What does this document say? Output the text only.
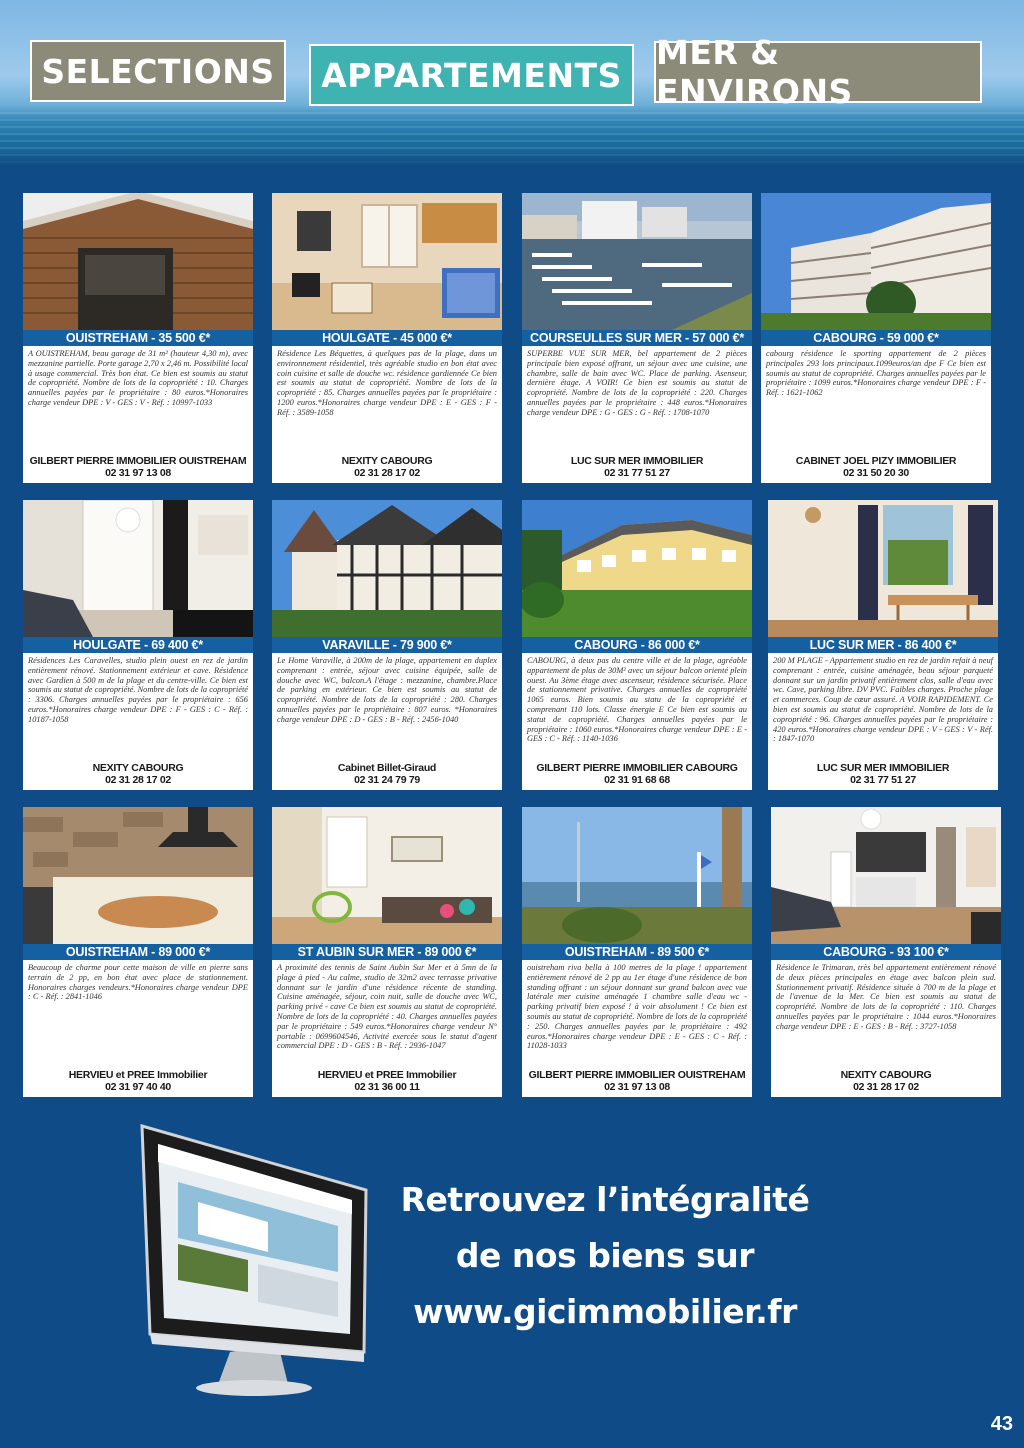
SELECTIONS	APPARTEMENTS
MER & ENVIRONS
OUISTREHAM - 35 500 €*
A OUISTREHAM, beau garage de 31 m² (hauteur 4,30 m), avec mezzanine partielle. Porte garage 2,70 x 2,46 m. Possibilité local à usage commercial. Très bon état. Ce bien est soumis au statut de copropriété. Nombre de lots de la copropriété : 10. Charges annuelles payées par le propriétaire : 80 euros.*Honoraires charge vendeur DPE : V - GES : V - Réf. : 10997-1033
GILBERT PIERRE IMMOBILIER OUISTREHAM
02 31 97 13 08
HOULGATE - 45 000 €*
Résidence Les Béquettes, à quelques pas de la plage, dans un environnement résidentiel, très agréable studio en bon état avec coin cuisine et salle de douche wc. résidence gardiennée Ce bien est soumis au statut de copropriété. Nombre de lots de la copropriété : 85. Charges annuelles payées par le propriétaire : 1200 euros.*Honoraires charge vendeur DPE : E - GES : F - Réf. : 3589-1058
NEXITY CABOURG
02 31 28 17 02
COURSEULLES SUR MER - 57 000 €*
SUPERBE VUE SUR MER, bel appartement de 2 pièces principale bien exposé offrant, un séjour avec une cuisine, une chambre, salle de bain avec WC. Place de parking. Asenseur, dernière étage. A VOIR! Ce bien est soumis au statut de copropriété. Nombre de lots de la copropriété : 220. Charges annuelles payées par le propriétaire : 448 euros.*Honoraires charge vendeur DPE : G - GES : G - Réf. : 1708-1070
LUC SUR MER IMMOBILIER
02 31 77 51 27
CABOURG - 59 000 €*
cabourg résidence le sporting appartement de 2 pièces principales 293 lots principaux.1099euros/an dpe F Ce bien est soumis au statut de copropriété. Charges annuelles payées par le propriétaire : 1099 euros.*Honoraires charge vendeur DPE : F - Réf. : 1621-1062
CABINET JOEL PIZY IMMOBILIER
02 31 50 20 30
HOULGATE - 69 400 €*
Résidences Les Caravelles, studio plein ouest en rez de jardin entièrement rénové. Stationnement extérieur et cave. Résidence avec Gardien à 500 m de la plage et du centre-ville. Ce bien est soumis au statut de copropriété. Nombre de lots de la copropriété : 3306. Charges annuelles payées par le propriétaire : 656 euros.*Honoraires charge vendeur DPE : F - GES : C - Réf. : 10187-1058
NEXITY CABOURG
02 31 28 17 02
VARAVILLE - 79 900 €*
Le Home Varaville, à 200m de la plage, appartement en duplex comprenant : entrée, séjour avec cuisine équipée, salle de douche avec WC, balcon.A l'étage : mezzanine, chambre.Place de parking en extérieur. Ce bien est soumis au statut de copropriété. Nombre de lots de la copropriété : 280. Charges annuelles payées par le propriétaire : 807 euros. *Honoraires charge vendeur DPE : D - GES : B - Réf. : 2456-1040
Cabinet Billet-Giraud
02 31 24 79 79
CABOURG - 86 000 €*
CABOURG, à deux pas du centre ville et de la plage, agréable appartement de plus de 30M² avec un séjour balcon orienté plein ouest. Au 3ème étage avec ascenseur, résidence sécurisée. Place de stationnement privative. Charges annuelles de copropriété 1065 euros. Bien soumis au statu de la copropriété et comprenant 110 lots. Classe énergie E Ce bien est soumis au statut de copropriété. Charges annuelles payées par le propriétaire : 1060 euros.*Honoraires charge vendeur DPE : E - GES : C - Réf. : 1140-1036
GILBERT PIERRE IMMOBILIER CABOURG
02 31 91 68 68
LUC SUR MER - 86 400 €*
200 M PLAGE - Appartement studio en rez de jardin refait à neuf comprenant : entrée, cuisine aménagée, beau séjour parqueté donnant sur un jardin privatif entièrement clos, salle d'eau avec wc. Cave, parking libre. DV PVC. Faibles charges. Proche plage et commerces. Coup de cœur assuré. A VOIR RAPIDEMENT. Ce bien est soumis au statut de copropriété. Nombre de lots de la copropriété : 96. Charges annuelles payées par le propriétaire : 420 euros.*Honoraires charge vendeur DPE : V - GES : V - Réf. : 1847-1070
LUC SUR MER IMMOBILIER
02 31 77 51 27
OUISTREHAM - 89 000 €*
Beaucoup de charme pour cette maison de ville en pierre sans terrain de 2 pp, en bon état avec place de stationnement. Honoraires charges vendeurs.*Honoraires charge vendeur DPE : C - Réf. : 2841-1046
HERVIEU et PREE Immobilier
02 31 97 40 40
ST AUBIN SUR MER - 89 000 €*
A proximité des tennis de Saint Aubin Sur Mer et à 5mn de la plage à pied - Au calme, studio de 32m2 avec terrasse privative donnant sur le jardin d'une résidence récente de standing. Cuisine aménagée, séjour, coin nuit, salle de douche avec WC, parking privé - cave Ce bien est soumis au statut de copropriété. Nombre de lots de la copropriété : 40. Charges annuelles payées par le propriétaire : 549 euros.*Honoraires charge vendeur N° portable : 0699604546, Activité exercée sous le statut d'agent commercial DPE : D - GES : B - Réf. : 2936-1047
HERVIEU et PREE Immobilier
02 31 36 00 11
OUISTREHAM - 89 500 €*
ouistreham riva bella à 100 metres de la plage ! appartement entièrement rénové de 2 pp au 1er étage d'une résidence de bon standing offrant : un séjour donnant sur grand balcon avec vue latérale mer cuisine aménagée 1 chambre salle d'eau wc - parking privatif bien exposé ! à voir absolument ! Ce bien est soumis au statut de copropriété. Nombre de lots de la copropriété : 250. Charges annuelles payées par le propriétaire : 492 euros.*Honoraires charge vendeur DPE : E - GES : C - Réf. : 11028-1033
GILBERT PIERRE IMMOBILIER OUISTREHAM
02 31 97 13 08
CABOURG - 93 100 €*
Résidence le Trimaran, très bel appartement entièrement rénové de deux pièces principales en étage avec balcon plein sud. Stationnement privatif. Résidence située à 700 m de la plage et de l'avenue de la Mer. Ce bien est soumis au statut de copropriété. Nombre de lots de la copropriété : 110. Charges annuelles payées par le propriétaire : 1044 euros.*Honoraires charge vendeur DPE : E - GES : B - Réf. : 3727-1058
NEXITY CABOURG
02 31 28 17 02
Retrouvez l’intégralité
de nos biens sur
www.gicimmobilier.fr
43
